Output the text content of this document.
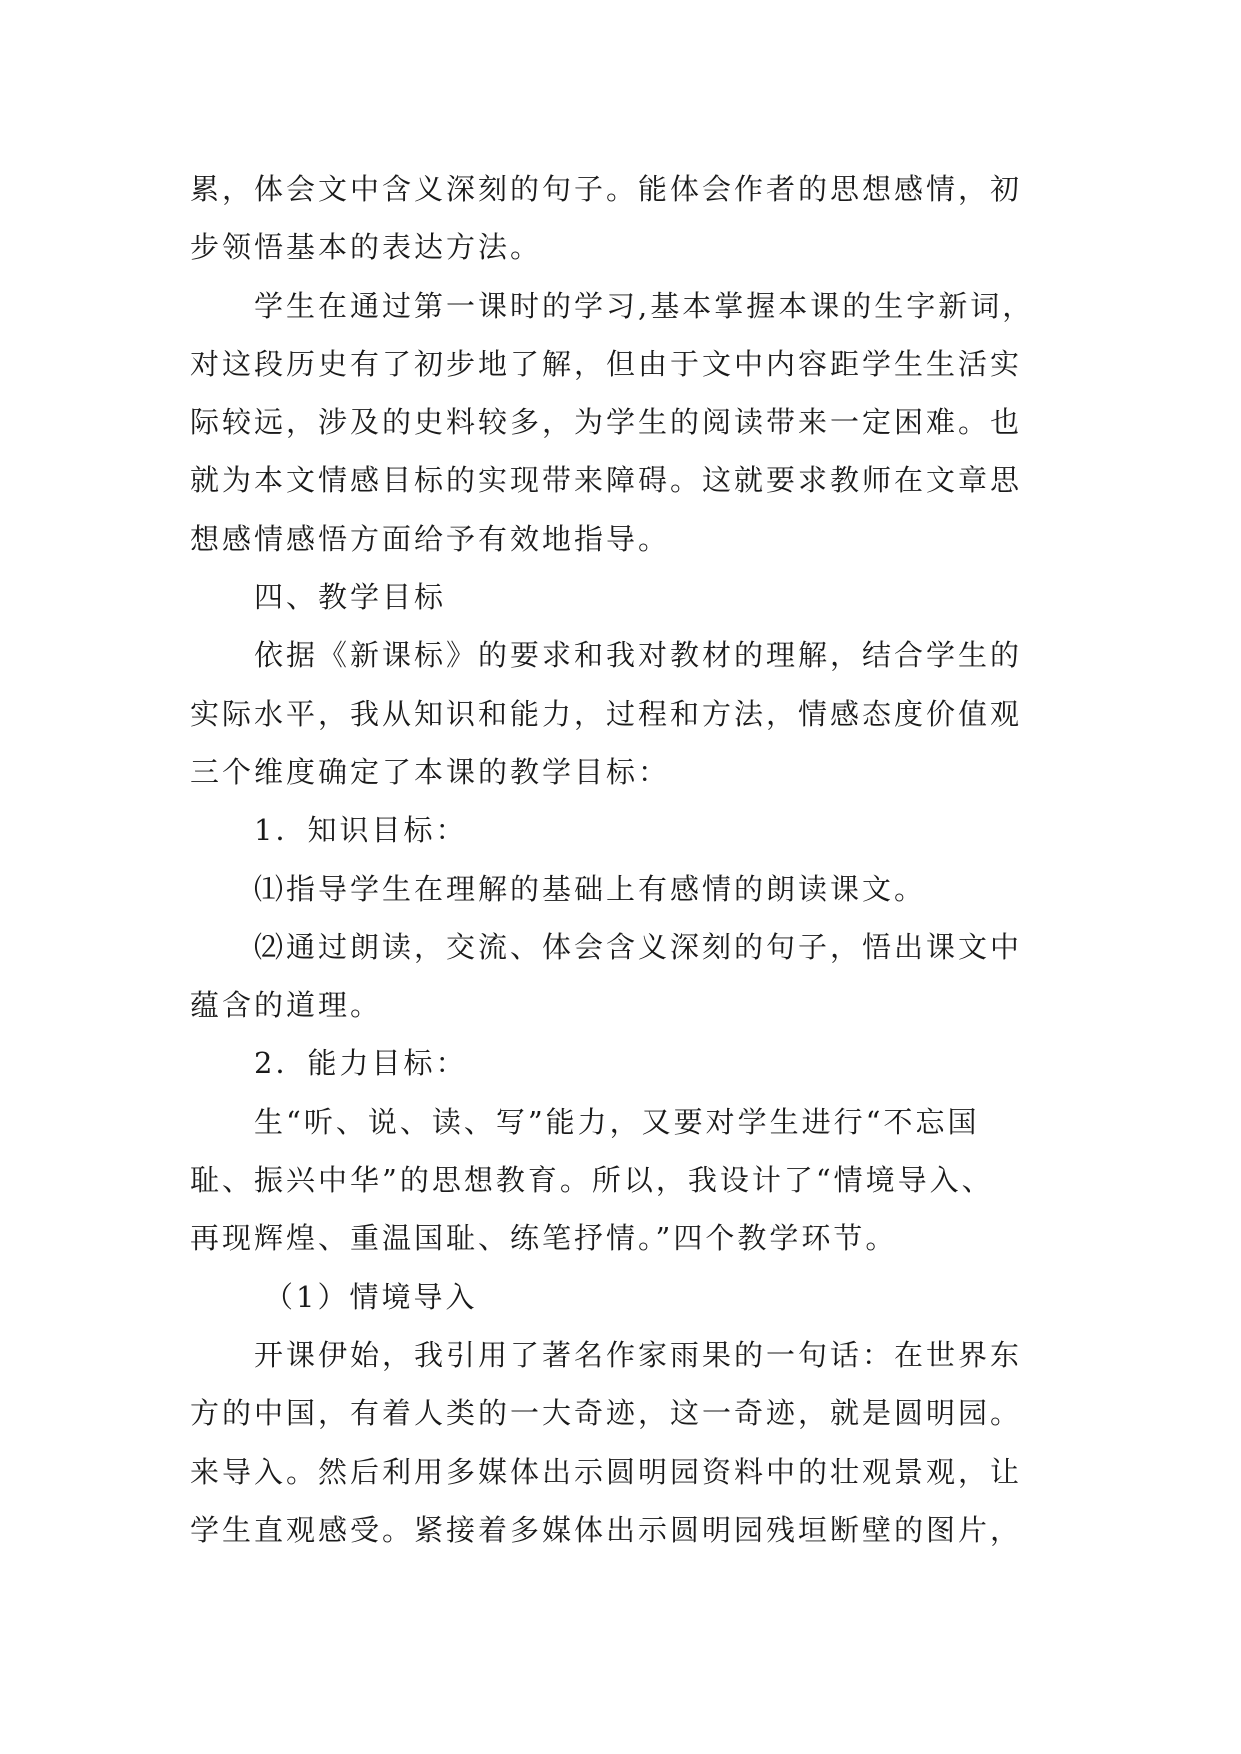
累，体会文中含义深刻的句子。能体会作者的思想感情，初
步领悟基本的表达方法。
学生在通过第一课时的学习,基本掌握本课的生字新词，
对这段历史有了初步地了解，但由于文中内容距学生生活实
际较远，涉及的史料较多，为学生的阅读带来一定困难。也
就为本文情感目标的实现带来障碍。这就要求教师在文章思
想感情感悟方面给予有效地指导。
四、教学目标
依据《新课标》的要求和我对教材的理解，结合学生的
实际水平，我从知识和能力，过程和方法，情感态度价值观
三个维度确定了本课的教学目标：
1．知识目标：
⑴指导学生在理解的基础上有感情的朗读课文。
⑵通过朗读，交流、体会含义深刻的句子，悟出课文中
蕴含的道理。
2．能力目标：
生“听、说、读、写”能力，又要对学生进行“不忘国
耻、振兴中华”的思想教育。所以，我设计了“情境导入、
再现辉煌、重温国耻、练笔抒情。”四个教学环节。
（1）情境导入
开课伊始，我引用了著名作家雨果的一句话：在世界东
方的中国，有着人类的一大奇迹，这一奇迹，就是圆明园。
来导入。然后利用多媒体出示圆明园资料中的壮观景观，让
学生直观感受。紧接着多媒体出示圆明园残垣断壁的图片，
